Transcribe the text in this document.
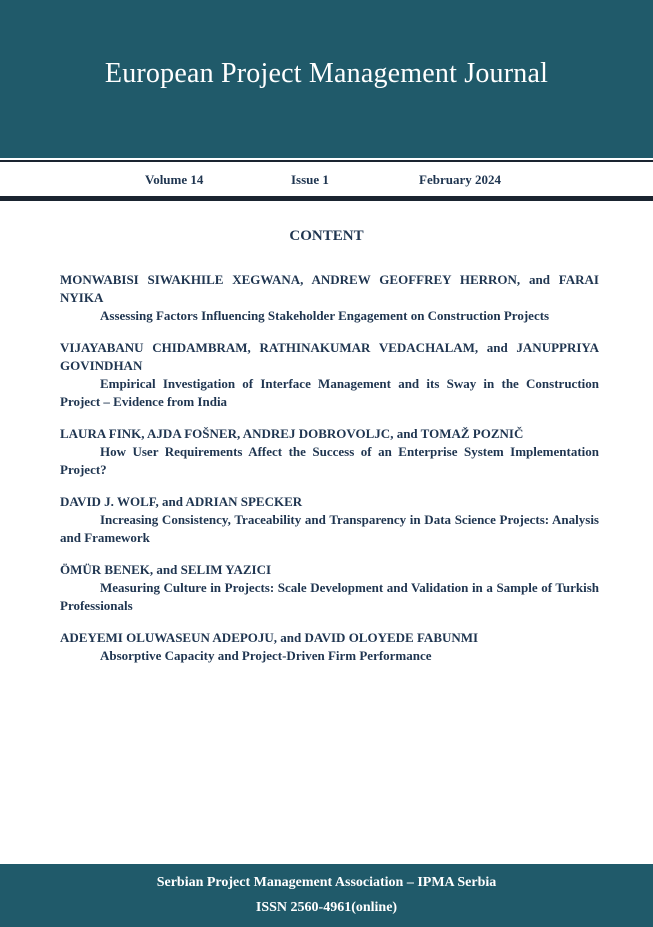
European Project Management Journal
Volume 14	Issue 1	February 2024
CONTENT

MONWABISI SIWAKHILE XEGWANA, ANDREW GEOFFREY HERRON, and FARAI NYIKA

Assessing Factors Influencing Stakeholder Engagement on Construction Projects

VIJAYABANU CHIDAMBRAM, RATHINAKUMAR VEDACHALAM, and JANUPPRIYA GOVINDHAN

Empirical Investigation of Interface Management and its Sway in the Construction Project – Evidence from India

LAURA FINK, AJDA FOŠNER, ANDREJ DOBROVOLJC, and TOMAŽ POZNIČ

How User Requirements Affect the Success of an Enterprise System Implementation Project?

DAVID J. WOLF, and ADRIAN SPECKER

Increasing Consistency, Traceability and Transparency in Data Science Projects: Analysis and Framework

ÖMÜR BENEK, and SELIM YAZICI

Measuring Culture in Projects: Scale Development and Validation in a Sample of Turkish Professionals

ADEYEMI OLUWASEUN ADEPOJU, and DAVID OLOYEDE FABUNMI

Absorptive Capacity and Project-Driven Firm Performance

Serbian Project Management Association – IPMA Serbia
ISSN 2560-4961(online)
